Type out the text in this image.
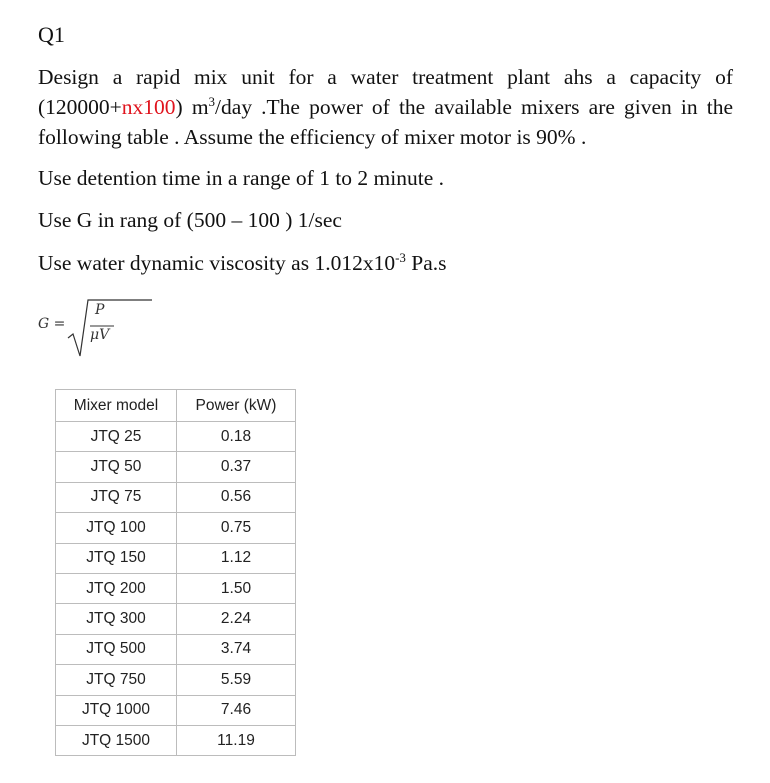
Q1
Design a rapid mix unit for a water treatment plant ahs a capacity of (120000+nx100) $m^3$/day .The power of the available mixers are given in the following table . Assume the efficiency of mixer motor is 90% .
Use detention time in a range of 1 to 2 minute .
Use G in rang of (500 – 100 ) 1/sec
Use water dynamic viscosity as $1.012x10^{-3}$ Pa.s
G =
P
μV
Mixer model	Power (kW)
JTQ 25	0.18
JTQ 50	0.37
JTQ 75	0.56
JTQ 100	0.75
JTQ 150	1.12
JTQ 200	1.50
JTQ 300	2.24
JTQ 500	3.74
JTQ 750	5.59
JTQ 1000	7.46
JTQ 1500	11.19
